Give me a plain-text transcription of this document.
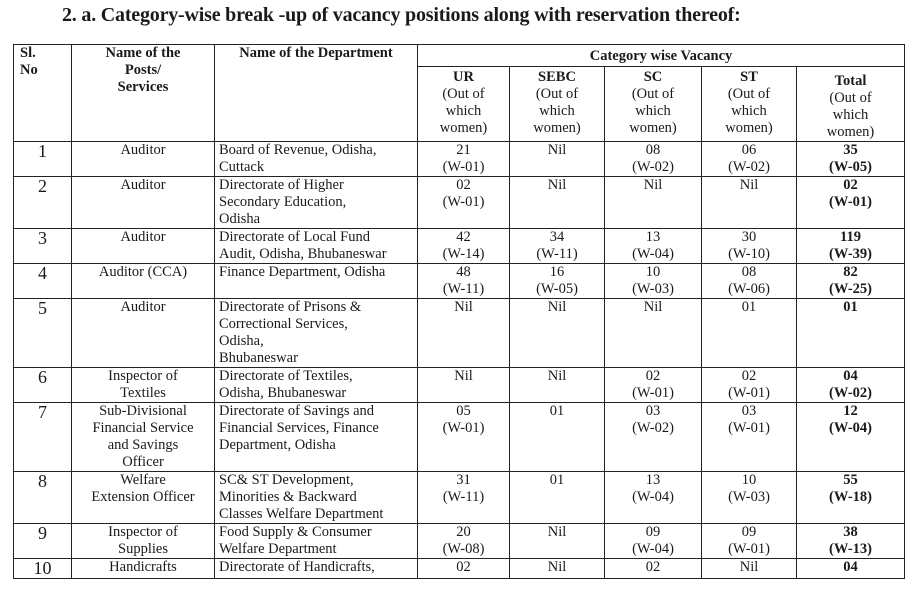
2. a. Category-wise break -up of vacancy positions along with reservation thereof:
Sl.
No	Name of the
Posts/
Services	Name of the Department	Category wise Vacancy				

			UR
(Out of
which
women)	SEBC
(Out of
which
women)	SC
(Out of
which
women)	ST
(Out of
which
women)	Total
(Out of
which
women)

1	Auditor	Board of Revenue, Odisha,
Cuttack	21
(W-01)	Nil	08
(W-02)	06
(W-02)	35
(W-05)

2	Auditor	Directorate of Higher
Secondary Education,
Odisha	02
(W-01)	Nil	Nil	Nil	02
(W-01)

3	Auditor	Directorate of Local Fund
Audit, Odisha, Bhubaneswar	42
(W-14)	34
(W-11)	13
(W-04)	30
(W-10)	119
(W-39)

4	Auditor (CCA)	Finance Department, Odisha	48
(W-11)	16
(W-05)	10
(W-03)	08
(W-06)	82
(W-25)

5	Auditor	Directorate of Prisons &
Correctional Services,
Odisha,
Bhubaneswar	Nil	Nil	Nil	01	01

6	Inspector of
Textiles	Directorate of Textiles,
Odisha, Bhubaneswar	Nil	Nil	02
(W-01)	02
(W-01)	04
(W-02)

7	Sub-Divisional
Financial Service
and Savings
Officer	Directorate of Savings and
Financial Services, Finance
Department, Odisha	05
(W-01)	01	03
(W-02)	03
(W-01)	12
(W-04)

8	Welfare
Extension Officer	SC& ST Development,
Minorities & Backward
Classes Welfare Department	31
(W-11)	01	13
(W-04)	10
(W-03)	55
(W-18)

9	Inspector of
Supplies	Food Supply & Consumer
Welfare Department	20
(W-08)	Nil	09
(W-04)	09
(W-01)	38
(W-13)

10	Handicrafts	Directorate of Handicrafts,	02	Nil	02	Nil	04
